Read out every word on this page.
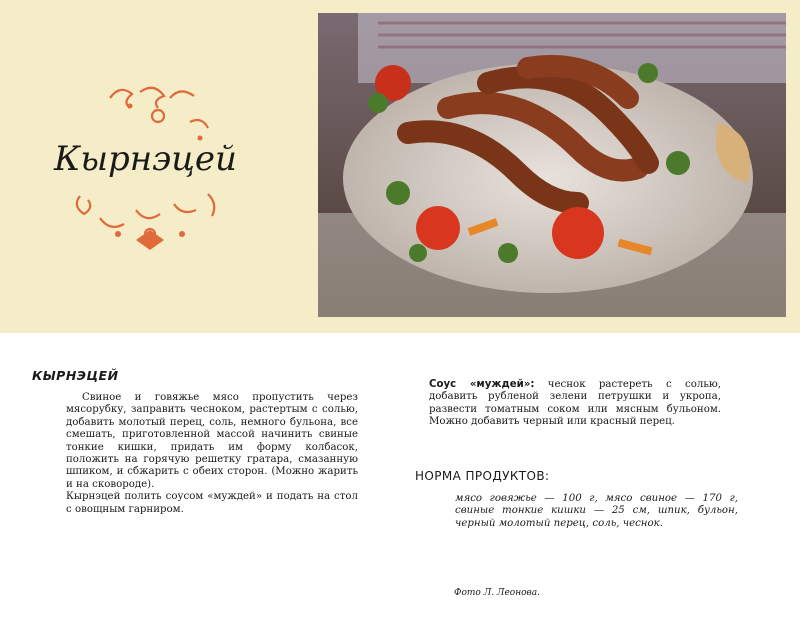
Кырнэцей
КЫРНЭЦЕЙ

Свиное и говяжье мясо пропустить через мясорубку, заправить чесноком, растертым с солью, добавить молотый перец, соль, немного бульона, все смешать, приготовленной массой начинить свиные тонкие кишки, придать им форму колбасок, положить на горячую решетку гратара, смазанную шпиком, и сбжарить с обеих сторон. (Можно жарить и на сковороде).

Кырнэцей полить соусом «муждей» и подать на стол с овощным гарниром.

Соус «муждей»: чеснок растереть с солью, добавить рубленой зелени петрушки и укропа, развести томатным соком или мясным бульоном. Можно добавить черный или красный перец.
НОРМА ПРОДУКТОВ:
мясо говяжье — 100 г, мясо свиное — 170 г, свиные тонкие кишки — 25 см, шпик, бульон, черный молотый перец, соль, чеснок.
Фото Л. Леонова.
